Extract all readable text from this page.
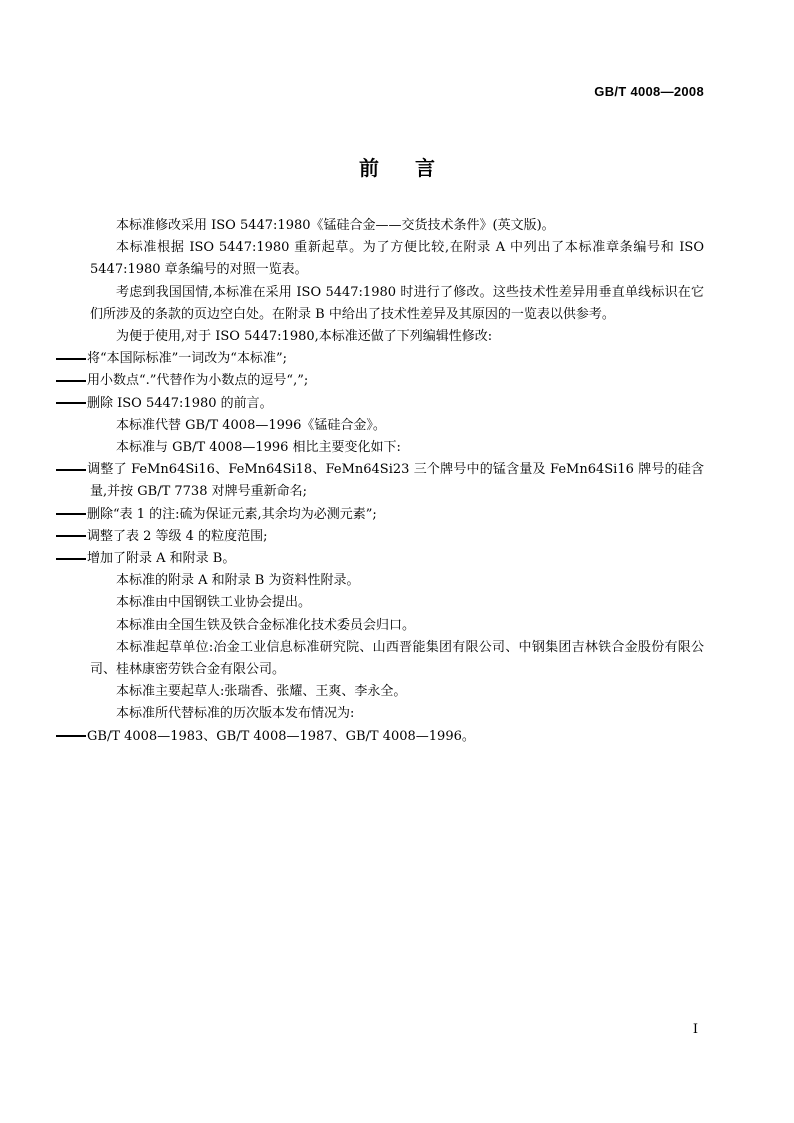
GB/T 4008—2008
前言

本标准修改采用 ISO 5447:1980《锰硅合金——交货技术条件》(英文版)。

本标准根据 ISO 5447:1980 重新起草。为了方便比较,在附录 A 中列出了本标准章条编号和 ISO 5447:1980 章条编号的对照一览表。

考虑到我国国情,本标准在采用 ISO 5447:1980 时进行了修改。这些技术性差异用垂直单线标识在它们所涉及的条款的页边空白处。在附录 B 中给出了技术性差异及其原因的一览表以供参考。

为便于使用,对于 ISO 5447:1980,本标准还做了下列编辑性修改:

将“本国际标准”一词改为“本标准”;

用小数点“.”代替作为小数点的逗号“,”;

删除 ISO 5447:1980 的前言。

本标准代替 GB/T 4008—1996《锰硅合金》。

本标准与 GB/T 4008—1996 相比主要变化如下:

调整了 FeMn64Si16、FeMn64Si18、FeMn64Si23 三个牌号中的锰含量及 FeMn64Si16 牌号的硅含量,并按 GB/T 7738 对牌号重新命名;

删除“表 1 的注:硫为保证元素,其余均为必测元素”;

调整了表 2 等级 4 的粒度范围;

增加了附录 A 和附录 B。

本标准的附录 A 和附录 B 为资料性附录。

本标准由中国钢铁工业协会提出。

本标准由全国生铁及铁合金标准化技术委员会归口。

本标准起草单位:冶金工业信息标准研究院、山西晋能集团有限公司、中钢集团吉林铁合金股份有限公司、桂林康密劳铁合金有限公司。

本标准主要起草人:张瑞香、张耀、王爽、李永全。

本标准所代替标准的历次版本发布情况为:

GB/T 4008—1983、GB/T 4008—1987、GB/T 4008—1996。

I
